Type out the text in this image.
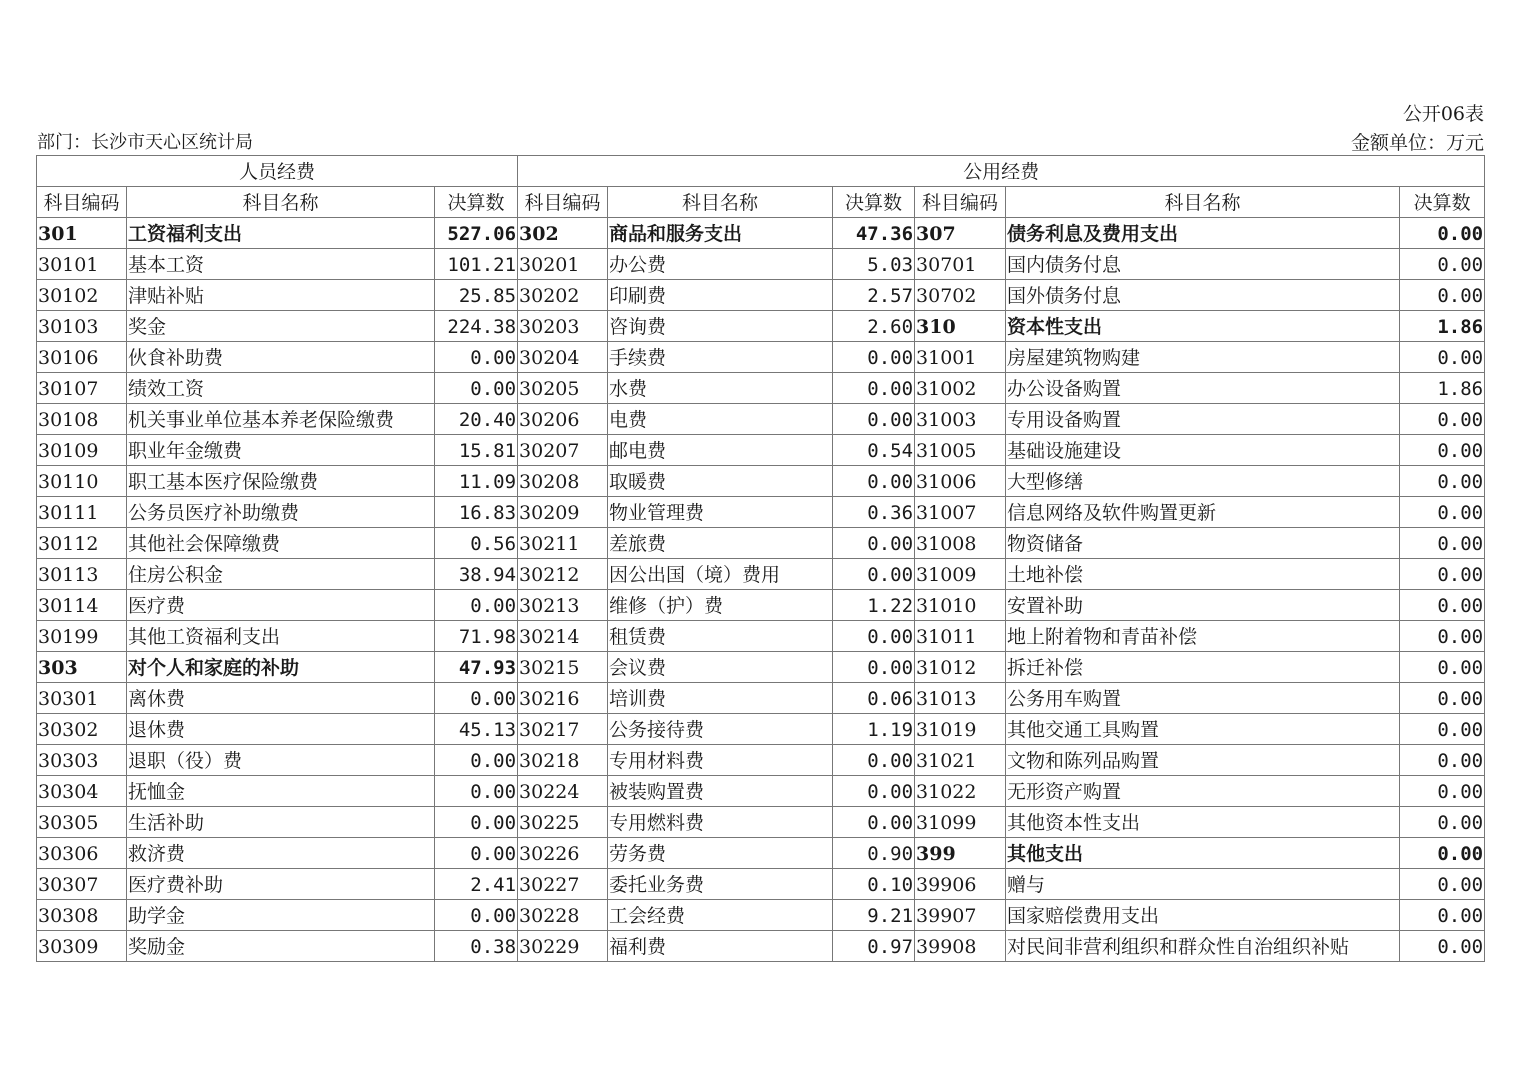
公开06表
部门：长沙市天心区统计局	金额单位：万元
人员经费			公用经费					
科目编码	科目名称	决算数	科目编码	科目名称	决算数	科目编码	科目名称	决算数
301	工资福利支出	527.06	302	商品和服务支出	47.36	307	债务利息及费用支出	0.00
30101	基本工资	101.21	30201	办公费	5.03	30701	国内债务付息	0.00
30102	津贴补贴	25.85	30202	印刷费	2.57	30702	国外债务付息	0.00
30103	奖金	224.38	30203	咨询费	2.60	310	资本性支出	1.86
30106	伙食补助费	0.00	30204	手续费	0.00	31001	房屋建筑物购建	0.00
30107	绩效工资	0.00	30205	水费	0.00	31002	办公设备购置	1.86
30108	机关事业单位基本养老保险缴费	20.40	30206	电费	0.00	31003	专用设备购置	0.00
30109	职业年金缴费	15.81	30207	邮电费	0.54	31005	基础设施建设	0.00
30110	职工基本医疗保险缴费	11.09	30208	取暖费	0.00	31006	大型修缮	0.00
30111	公务员医疗补助缴费	16.83	30209	物业管理费	0.36	31007	信息网络及软件购置更新	0.00
30112	其他社会保障缴费	0.56	30211	差旅费	0.00	31008	物资储备	0.00
30113	住房公积金	38.94	30212	因公出国（境）费用	0.00	31009	土地补偿	0.00
30114	医疗费	0.00	30213	维修（护）费	1.22	31010	安置补助	0.00
30199	其他工资福利支出	71.98	30214	租赁费	0.00	31011	地上附着物和青苗补偿	0.00
303	对个人和家庭的补助	47.93	30215	会议费	0.00	31012	拆迁补偿	0.00
30301	离休费	0.00	30216	培训费	0.06	31013	公务用车购置	0.00
30302	退休费	45.13	30217	公务接待费	1.19	31019	其他交通工具购置	0.00
30303	退职（役）费	0.00	30218	专用材料费	0.00	31021	文物和陈列品购置	0.00
30304	抚恤金	0.00	30224	被装购置费	0.00	31022	无形资产购置	0.00
30305	生活补助	0.00	30225	专用燃料费	0.00	31099	其他资本性支出	0.00
30306	救济费	0.00	30226	劳务费	0.90	399	其他支出	0.00
30307	医疗费补助	2.41	30227	委托业务费	0.10	39906	赠与	0.00
30308	助学金	0.00	30228	工会经费	9.21	39907	国家赔偿费用支出	0.00
30309	奖励金	0.38	30229	福利费	0.97	39908	对民间非营利组织和群众性自治组织补贴	0.00
